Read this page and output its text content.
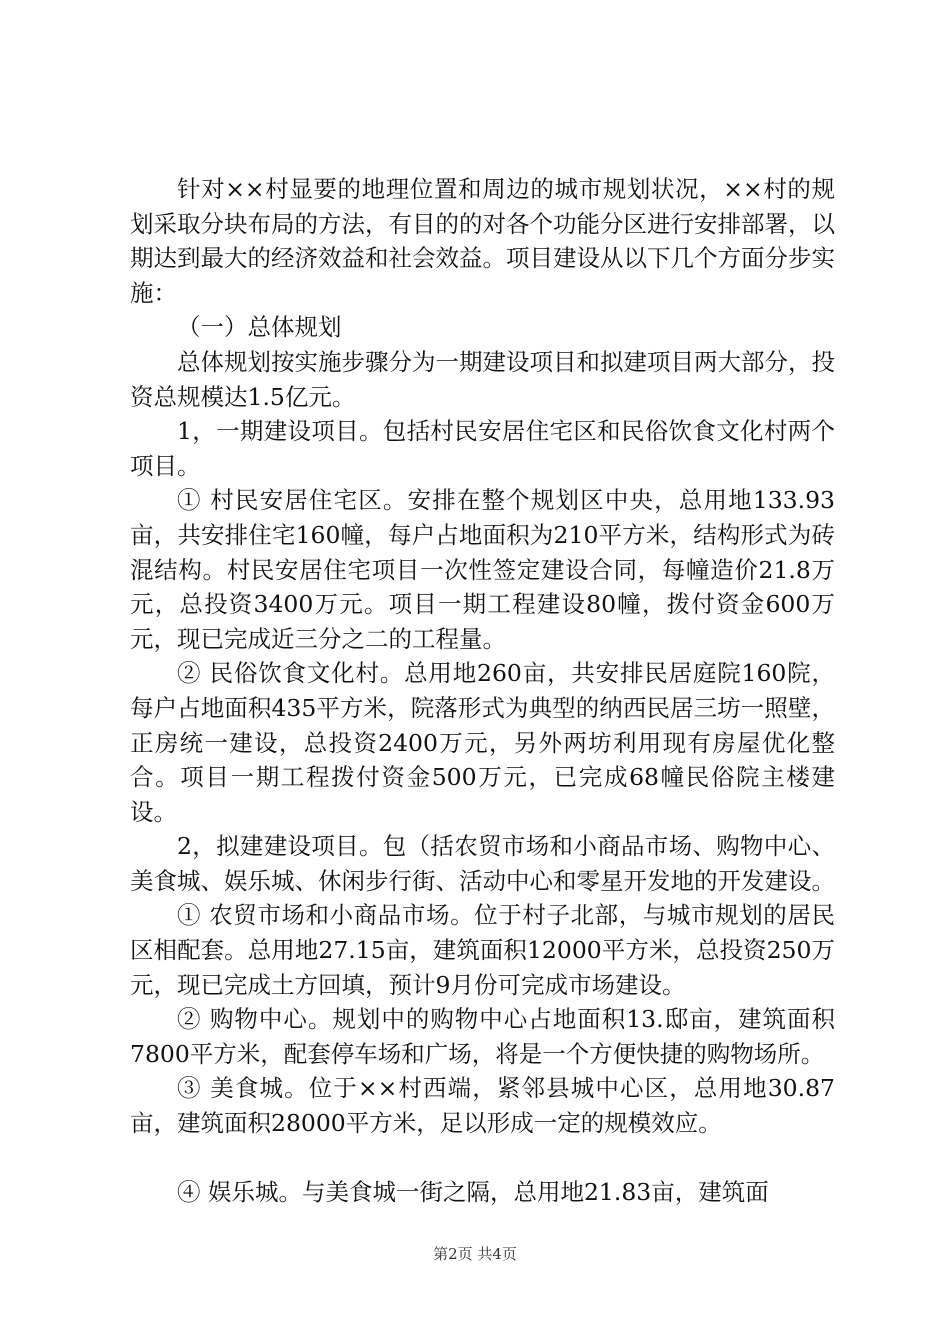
针对××村显要的地理位置和周边的城市规划状况，××村的规划采取分块布局的方法，有目的的对各个功能分区进行安排部署，以期达到最大的经济效益和社会效益。项目建设从以下几个方面分步实施：

（一）总体规划

总体规划按实施步骤分为一期建设项目和拟建项目两大部分，投资总规模达1.5亿元。

1，一期建设项目。包括村民安居住宅区和民俗饮食文化村两个项目。

① 村民安居住宅区。安排在整个规划区中央，总用地133.93亩，共安排住宅160幢，每户占地面积为210平方米，结构形式为砖混结构。村民安居住宅项目一次性签定建设合同，每幢造价21.8万元，总投资3400万元。项目一期工程建设80幢，拨付资金600万元，现已完成近三分之二的工程量。

② 民俗饮食文化村。总用地260亩，共安排民居庭院160院，每户占地面积435平方米，院落形式为典型的纳西民居三坊一照壁，正房统一建设，总投资2400万元，另外两坊利用现有房屋优化整合。项目一期工程拨付资金500万元，已完成68幢民俗院主楼建设。

2，拟建建设项目。包（括农贸市场和小商品市场、购物中心、美食城、娱乐城、休闲步行街、活动中心和零星开发地的开发建设。

① 农贸市场和小商品市场。位于村子北部，与城市规划的居民区相配套。总用地27.15亩，建筑面积12000平方米，总投资250万元，现已完成土方回填，预计9月份可完成市场建设。

② 购物中心。规划中的购物中心占地面积13.邸亩，建筑面积7800平方米，配套停车场和广场，将是一个方便快捷的购物场所。

③ 美食城。位于××村西端，紧邻县城中心区，总用地30.87亩，建筑面积28000平方米，足以形成一定的规模效应。

④ 娱乐城。与美食城一街之隔，总用地21.83亩，建筑面

第2页 共4页
